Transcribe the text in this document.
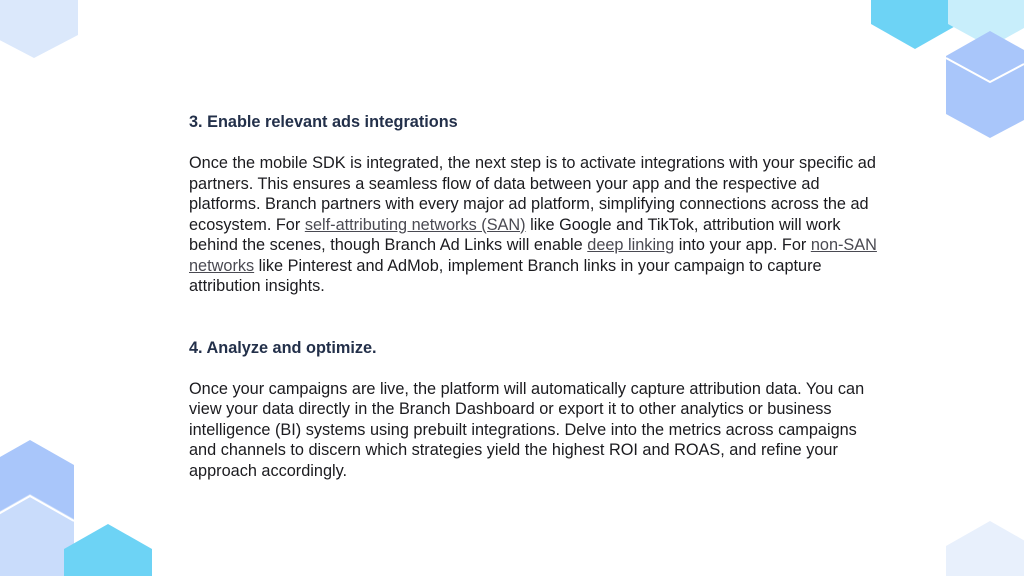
3. Enable relevant ads integrations

Once the mobile SDK is integrated, the next step is to activate integrations with your specific ad partners. This ensures a seamless flow of data between your app and the respective ad platforms. Branch partners with every major ad platform, simplifying connections across the ad ecosystem. For self-attributing networks (SAN) like Google and TikTok, attribution will work behind the scenes, though Branch Ad Links will enable deep linking into your app. For non-SAN networks like Pinterest and AdMob, implement Branch links in your campaign to capture attribution insights.

4. Analyze and optimize.

Once your campaigns are live, the platform will automatically capture attribution data. You can view your data directly in the Branch Dashboard or export it to other analytics or business intelligence (BI) systems using prebuilt integrations. Delve into the metrics across campaigns and channels to discern which strategies yield the highest ROI and ROAS, and refine your approach accordingly.
